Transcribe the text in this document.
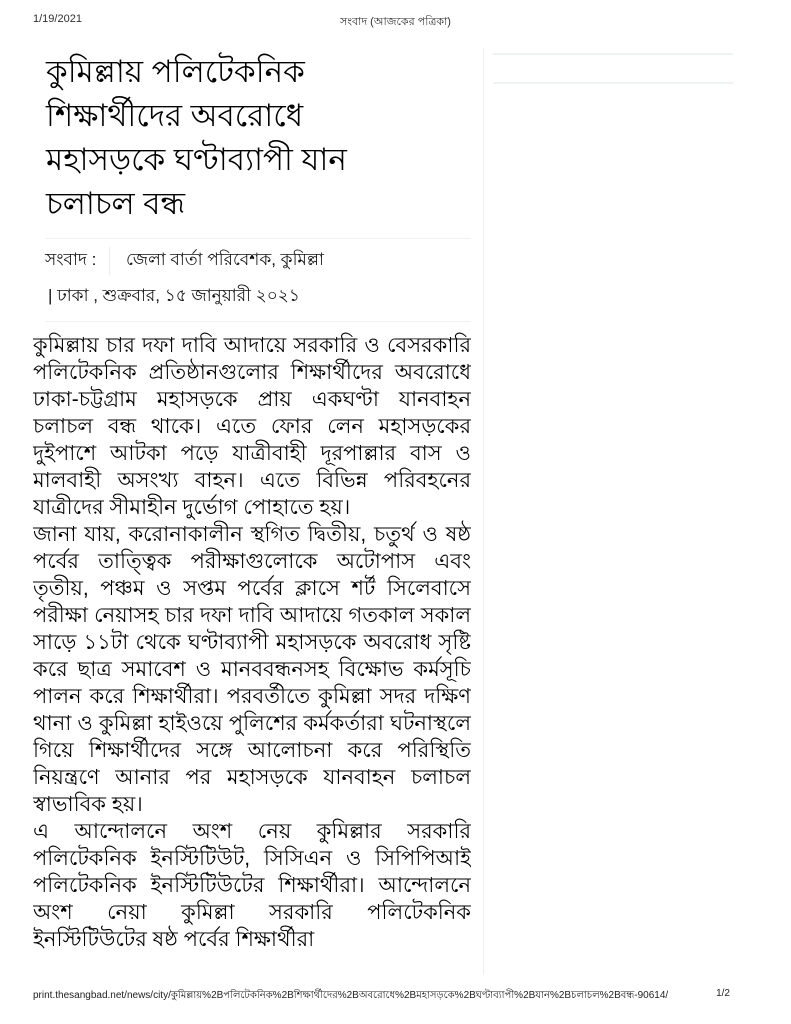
1/19/2021	সংবাদ (আজকের পত্রিকা)
কুমিল্লায় পলিটেকনিক
শিক্ষার্থীদের অবরোধে
মহাসড়কে ঘণ্টাব্যাপী যান
চলাচল বন্ধ
সংবাদ :	জেলা বার্তা পরিবেশক, কুমিল্লা
| ঢাকা , শুক্রবার, ১৫ জানুয়ারী ২০২১

কুমিল্লায় চার দফা দাবি আদায়ে সরকারি ও বেসরকারি পলিটেকনিক প্রতিষ্ঠানগুলোর শিক্ষার্থীদের অবরোধে ঢাকা-চট্টগ্রাম মহাসড়কে প্রায় একঘণ্টা যানবাহন চলাচল বন্ধ থাকে। এতে ফোর লেন মহাসড়কের দুইপাশে আটকা পড়ে যাত্রীবাহী দূরপাল্লার বাস ও মালবাহী অসংখ্য বাহন। এতে বিভিন্ন পরিবহনের যাত্রীদের সীমাহীন দুর্ভোগ পোহাতে হয়।

জানা যায়, করোনাকালীন স্থগিত দ্বিতীয়, চতুর্থ ও ষষ্ঠ পর্বের তাত্ত্বিক পরীক্ষাগুলোকে অটোপাস এবং তৃতীয়, পঞ্চম ও সপ্তম পর্বের ক্লাসে শর্ট সিলেবাসে পরীক্ষা নেয়াসহ চার দফা দাবি আদায়ে গতকাল সকাল সাড়ে ১১টা থেকে ঘণ্টাব্যাপী মহাসড়কে অবরোধ সৃষ্টি করে ছাত্র সমাবেশ ও মানববন্ধনসহ বিক্ষোভ কর্মসূচি পালন করে শিক্ষার্থীরা। পরবর্তীতে কুমিল্লা সদর দক্ষিণ থানা ও কুমিল্লা হাইওয়ে পুলিশের কর্মকর্তারা ঘটনাস্থলে গিয়ে শিক্ষার্থীদের সঙ্গে আলোচনা করে পরিস্থিতি নিয়ন্ত্রণে আনার পর মহাসড়কে যানবাহন চলাচল স্বাভাবিক হয়।

এ আন্দোলনে অংশ নেয় কুমিল্লার সরকারি পলিটেকনিক ইনস্টিটিউট, সিসিএন ও সিপিপিআই পলিটেকনিক ইনস্টিটিউটের শিক্ষার্থীরা। আন্দোলনে অংশ নেয়া কুমিল্লা সরকারি পলিটেকনিক ইনস্টিটিউটের ষষ্ঠ পর্বের শিক্ষার্থীরা

print.thesangbad.net/news/city/কুমিল্লায়%2Bপলিটেকনিক%2Bশিক্ষার্থীদের%2Bঅবরোধে%2Bমহাসড়কে%2Bঘণ্টাব্যাপী%2Bযান%2Bচলাচল%2Bবন্ধ-90614/	1/2
